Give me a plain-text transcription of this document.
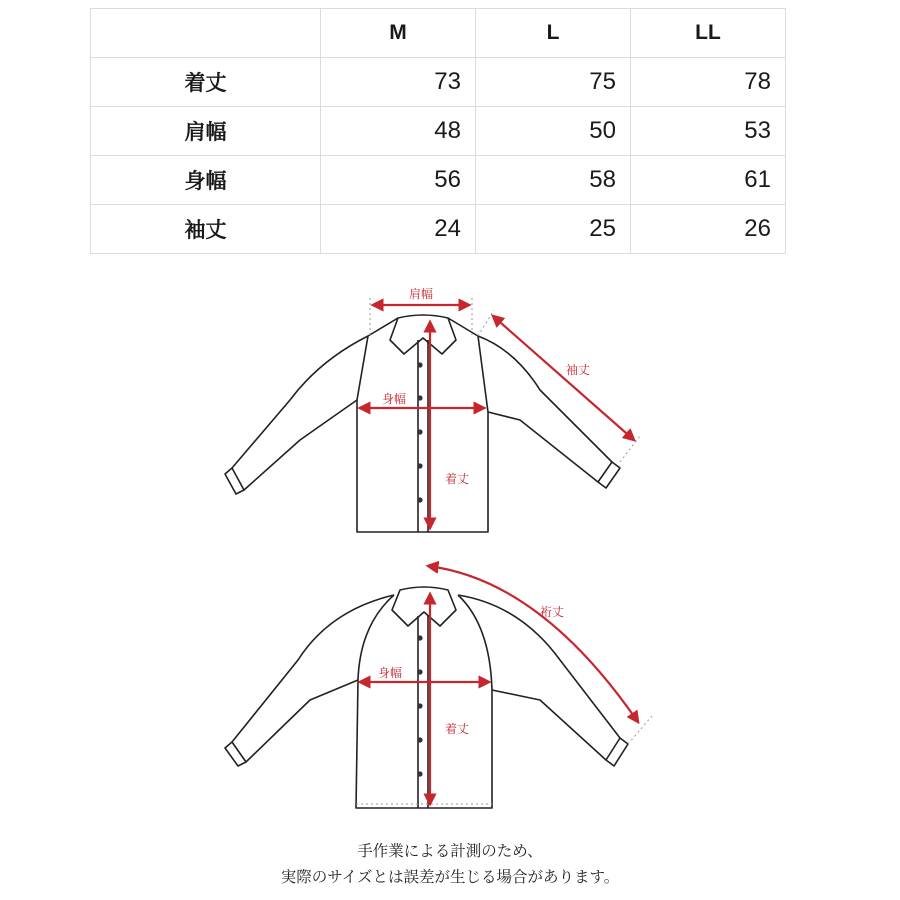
	M	L	LL
着丈	73	75	78
肩幅	48	50	53
身幅	56	58	61
袖丈	24	25	26
肩幅
袖丈
身幅
着丈
裄丈
身幅
着丈
手作業による計測のため、
実際のサイズとは誤差が生じる場合があります。
